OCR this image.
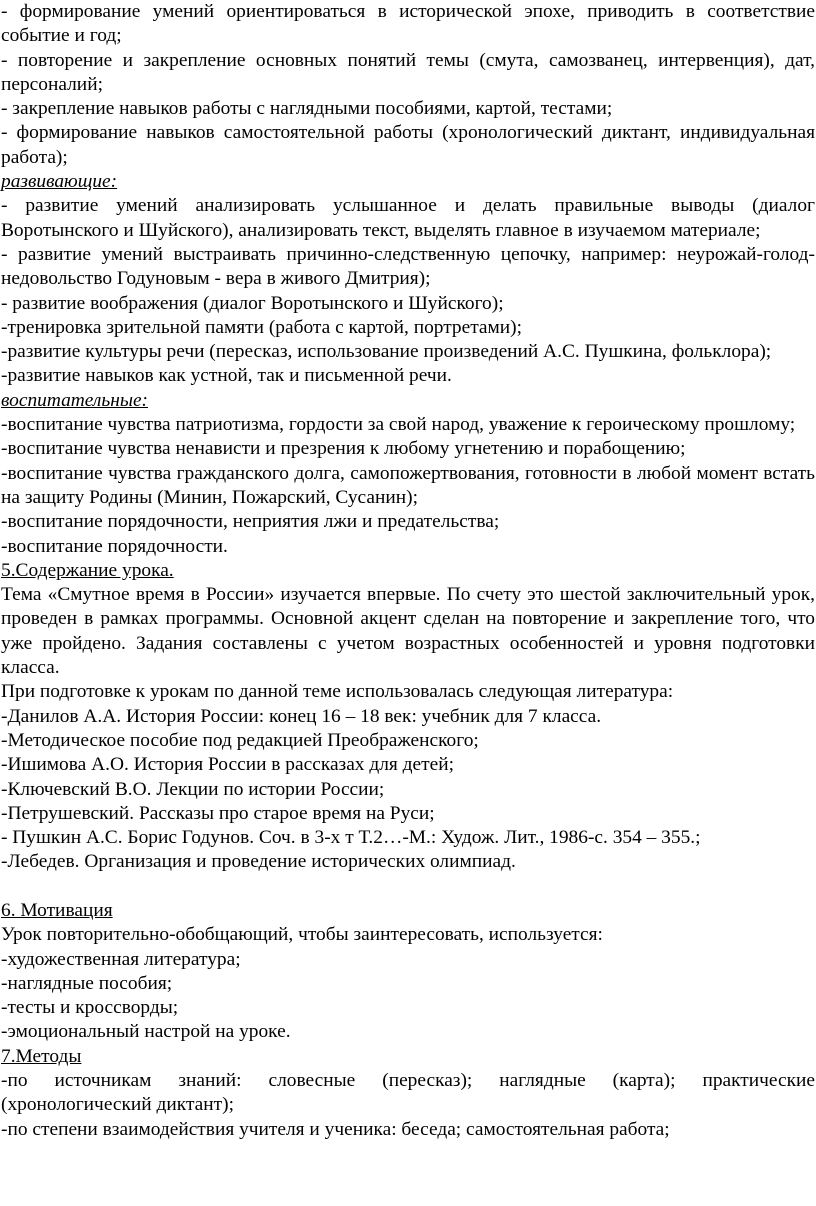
- формирование умений ориентироваться в исторической эпохе, приводить в соответствие событие и год;

- повторение и закрепление основных понятий темы (смута, самозванец, интервенция), дат, персоналий;

- закрепление навыков работы с наглядными пособиями, картой, тестами;

- формирование навыков самостоятельной работы (хронологический диктант, индивидуальная работа);

развивающие:

- развитие умений анализировать услышанное и делать правильные выводы (диалог Воротынского и Шуйского), анализировать текст, выделять главное в изучаемом материале;

- развитие умений выстраивать причинно-следственную цепочку, например: неурожай-голод-недовольство Годуновым - вера в живого Дмитрия);

- развитие воображения (диалог Воротынского и Шуйского);

-тренировка зрительной памяти (работа с картой, портретами);

-развитие культуры речи (пересказ, использование произведений А.С. Пушкина, фольклора);

-развитие навыков как устной, так и письменной речи.

воспитательные:

-воспитание чувства патриотизма, гордости за свой народ, уважение к героическому прошлому;

-воспитание чувства ненависти и презрения к любому угнетению и порабощению;

-воспитание чувства гражданского долга, самопожертвования, готовности в любой момент встать на защиту Родины (Минин, Пожарский, Сусанин);

-воспитание порядочности, неприятия лжи и предательства;

-воспитание порядочности.

5.Содержание урока.

Тема «Смутное время в России» изучается впервые. По счету это шестой заключительный урок, проведен в рамках программы. Основной акцент сделан на повторение и закрепление того, что уже пройдено. Задания составлены с учетом возрастных особенностей и уровня подготовки класса.

При подготовке к урокам по данной теме использовалась следующая литература:

-Данилов А.А. История России: конец 16 – 18 век: учебник для 7 класса.

-Методическое пособие под редакцией Преображенского;

-Ишимова А.О. История России в рассказах для детей;

-Ключевский В.О. Лекции по истории России;

-Петрушевский. Рассказы про старое время на Руси;

- Пушкин А.С. Борис Годунов. Соч. в 3-х т Т.2…-М.: Худож. Лит., 1986-с. 354 – 355.;

-Лебедев. Организация и проведение исторических олимпиад.

6. Мотивация

Урок повторительно-обобщающий, чтобы заинтересовать, используется:

-художественная литература;

-наглядные пособия;

-тесты и кроссворды;

-эмоциональный настрой на уроке.

7.Методы

-по источникам знаний: словесные (пересказ); наглядные (карта); практические (хронологический диктант);

-по степени взаимодействия учителя и ученика: беседа; самостоятельная работа;
